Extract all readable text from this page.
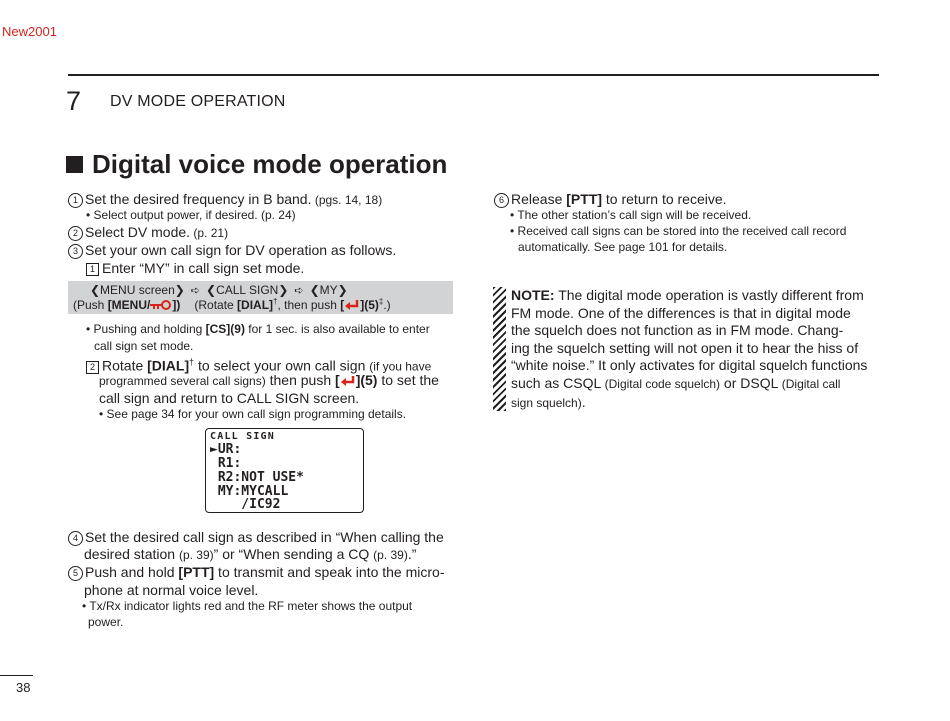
New2001
7 DV MODE OPERATION
Digital voice mode operation
1 Set the desired frequency in B band. (pgs. 14, 18)
• Select output power, if desired. (p. 24)
2 Select DV mode. (p. 21)
3 Set your own call sign for DV operation as follows.
1 Enter “MY” in call sign set mode.
❮MENU screen❯ ➪ ❮CALL SIGN❯ ➪ ❮MY❯
(Push [MENU/ ]) (Rotate [DIAL]†, then push [ ](5)‡.)
• Pushing and holding [CS](9) for 1 sec. is also available to enter
call sign set mode.
2 Rotate [DIAL]† to select your own call sign (if you have
programmed several call signs) then push [ ](5) to set the
call sign and return to CALL SIGN screen.
• See page 34 for your own call sign programming details.
CALL SIGN
►UR:
R1:
R2:NOT USE*
MY:MYCALL
/IC92
4 Set the desired call sign as described in “When calling the
desired station (p. 39)” or “When sending a CQ (p. 39).”
5 Push and hold [PTT] to transmit and speak into the micro-
phone at normal voice level.
• Tx/Rx indicator lights red and the RF meter shows the output
power.
6 Release [PTT] to return to receive.
• The other station’s call sign will be received.
• Received call signs can be stored into the received call record
automatically. See page 101 for details.
NOTE: The digital mode operation is vastly different from
FM mode. One of the differences is that in digital mode
the squelch does not function as in FM mode. Chang-
ing the squelch setting will not open it to hear the hiss of
“white noise.” It only activates for digital squelch functions
such as CSQL (Digital code squelch) or DSQL (Digital call
sign squelch).
38
